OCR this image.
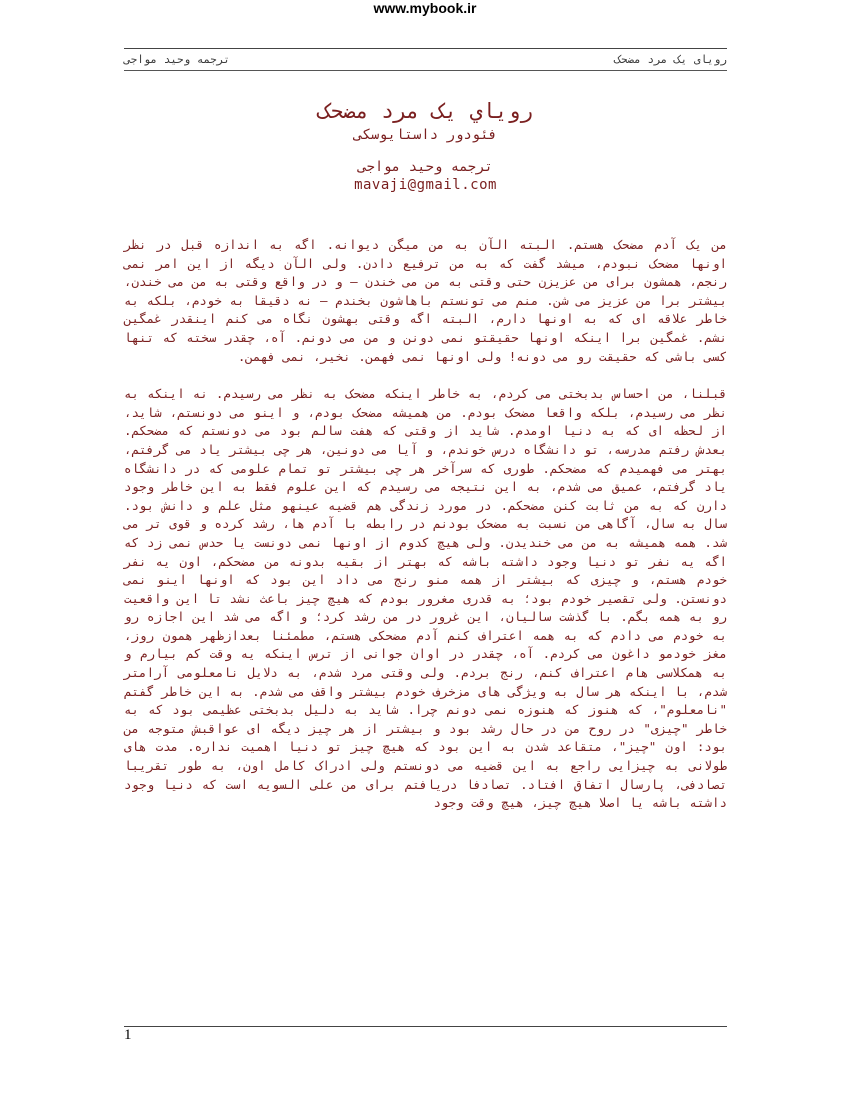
www.mybook.ir
ترجمه وحید مواجی	رویای یک مرد مضحک
رویاي یک مرد مضحک
فئودور داستایوسکی
ترجمه وحید مواجی
mavaji@gmail.com

من یک آدم مضحک هستم. البته الآن به من میگن دیوانه. اگه به اندازه قبل در نظر اونها مضحک نبودم، میشد گفت که به من ترفیع دادن. ولی الآن دیگه از این امر نمی رنجم، همشون برای من عزیزن حتی وقتی به من می خندن – و در واقع وقتی به من می خندن، بیشتر برا من عزیز می شن. منم می تونستم باهاشون بخندم – نه دقیقا به خودم، بلکه به خاطر علاقه ای که به اونها دارم، البته اگه وقتی بهشون نگاه می کنم اینقدر غمگین نشم. غمگین برا اینکه اونها حقیقتو نمی دونن و من می دونم. آه، چقدر سخته که تنها کسی باشی که حقیقت رو می دونه! ولی اونها نمی فهمن. نخیر، نمی فهمن.

قبلنا، من احساس بدبختی می کردم، به خاطر اینکه مضحک به نظر می رسیدم. نه اینکه به نظر می رسیدم، بلکه واقعا مضحک بودم. من همیشه مضحک بودم، و اینو می دونستم، شاید، از لحظه ای که به دنیا اومدم. شاید از وقتی که هفت سالم بود می دونستم که مضحکم. بعدش رفتم مدرسه، تو دانشگاه درس خوندم، و آیا می دونین، هر چی بیشتر یاد می گرفتم، بهتر می فهمیدم که مضحکم. طوری که سرآخر هر چی بیشتر تو تمام علومی که در دانشگاه یاد گرفتم، عمیق می شدم، به این نتیجه می رسیدم که این علوم فقط به این خاطر وجود دارن که به من ثابت کنن مضحکم. در مورد زندگی هم قضیه عینهو مثل علم و دانش بود. سال به سال، آگاهی من نسبت به مضحک بودنم در رابطه با آدم ها، رشد کرده و قوی تر می شد. همه همیشه به من می خندیدن. ولی هیچ کدوم از اونها نمی دونست یا حدس نمی زد که اگه یه نفر تو دنیا وجود داشته باشه که بهتر از بقیه بدونه من مضحکم، اون یه نفر خودم هستم، و چیزی که بیشتر از همه منو رنج می داد این بود که اونها اینو نمی دونستن. ولی تقصیر خودم بود؛ به قدری مغرور بودم که هیچ چیز باعث نشد تا این واقعیت رو به همه بگم. با گذشت سالیان، این غرور در من رشد کرد؛ و اگه می شد این اجازه رو به خودم می دادم که به همه اعتراف کنم آدم مضحکی هستم، مطمئنا بعدازظهر همون روز، مغز خودمو داغون می کردم. آه، چقدر در اوان جوانی از ترس اینکه یه وقت کم بیارم و به همکلاسی هام اعتراف کنم، رنج بردم. ولی وقتی مرد شدم، به دلایل نامعلومی آرامتر شدم، با اینکه هر سال به ویژگی های مزخرف خودم بیشتر واقف می شدم. به این خاطر گفتم "نامعلوم"، که هنوز که هنوزه نمی دونم چرا. شاید به دلیل بدبختی عظیمی بود که به خاطر "چیزی" در روح من در حال رشد بود و بیشتر از هر چیز دیگه ای عواقبش متوجه من بود: اون "چیز"، متقاعد شدن به این بود که هیچ چیز تو دنیا اهمیت نداره. مدت های طولانی به چیزایی راجع به این قضیه می دونستم ولی ادراک کامل اون، به طور تقریبا تصادفی، پارسال اتفاق افتاد. تصادفا دریافتم برای من علی السویه است که دنیا وجود داشته باشه یا اصلا هیچ چیز، هیچ وقت وجود

1
